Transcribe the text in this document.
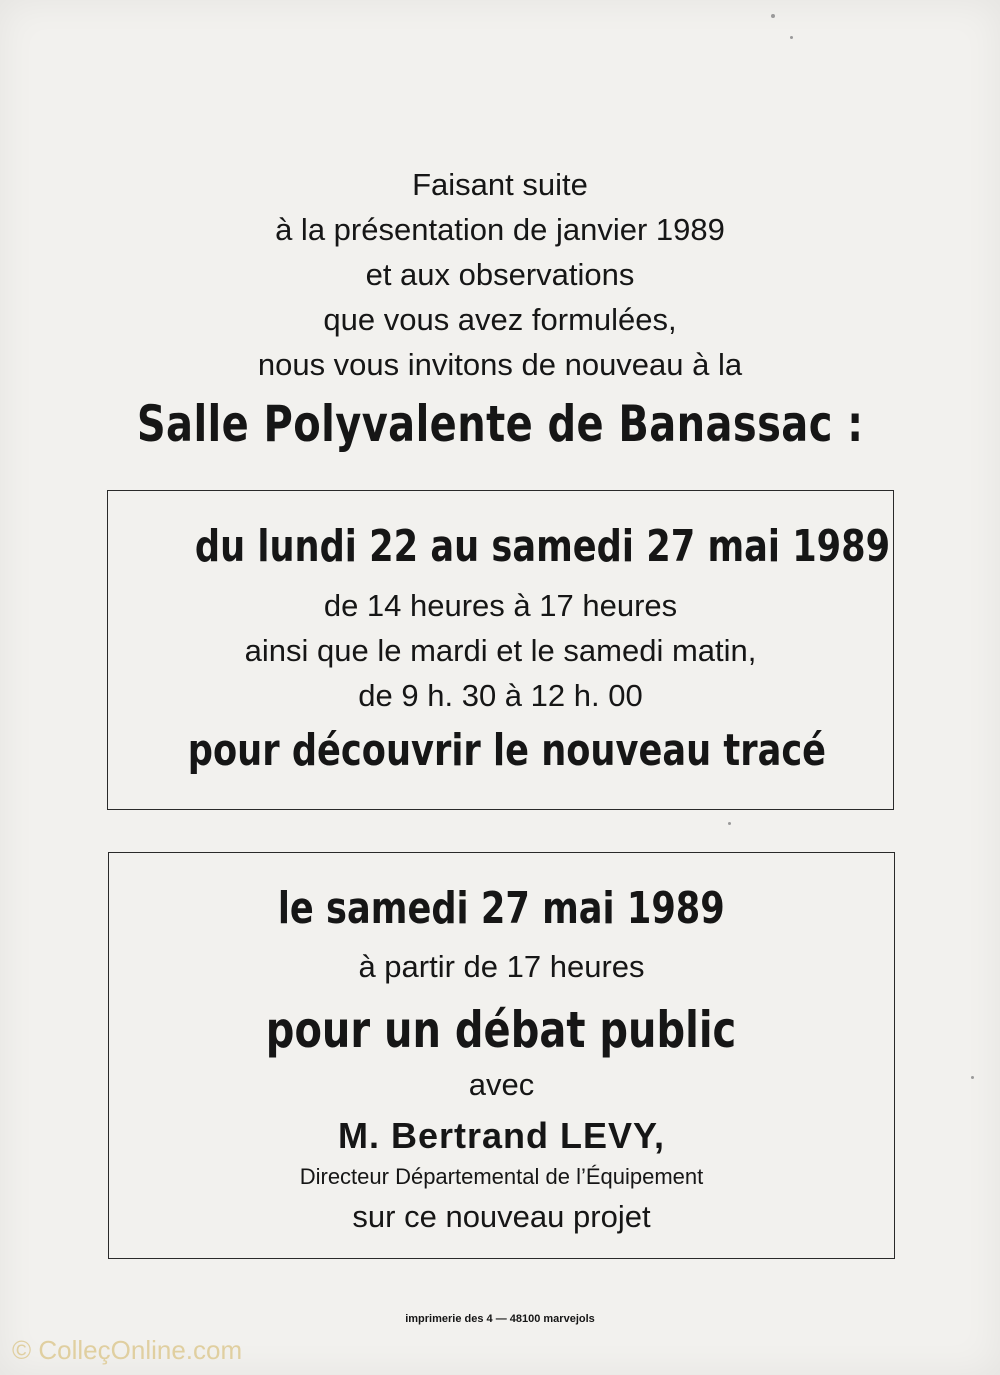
Faisant suite
à la présentation de janvier 1989
et aux observations
que vous avez formulées,
nous vous invitons de nouveau à la
Salle Polyvalente de Banassac :
du lundi 22 au samedi 27 mai 1989
de 14 heures à 17 heures
ainsi que le mardi et le samedi matin,
de 9 h. 30 à 12 h. 00
pour découvrir le nouveau tracé
le samedi 27 mai 1989
à partir de 17 heures
pour un débat public
avec
M. Bertrand LEVY,
Directeur Départemental de l’Équipement
sur ce nouveau projet
imprimerie des 4 — 48100 marvejols
© ColleçOnline.com
